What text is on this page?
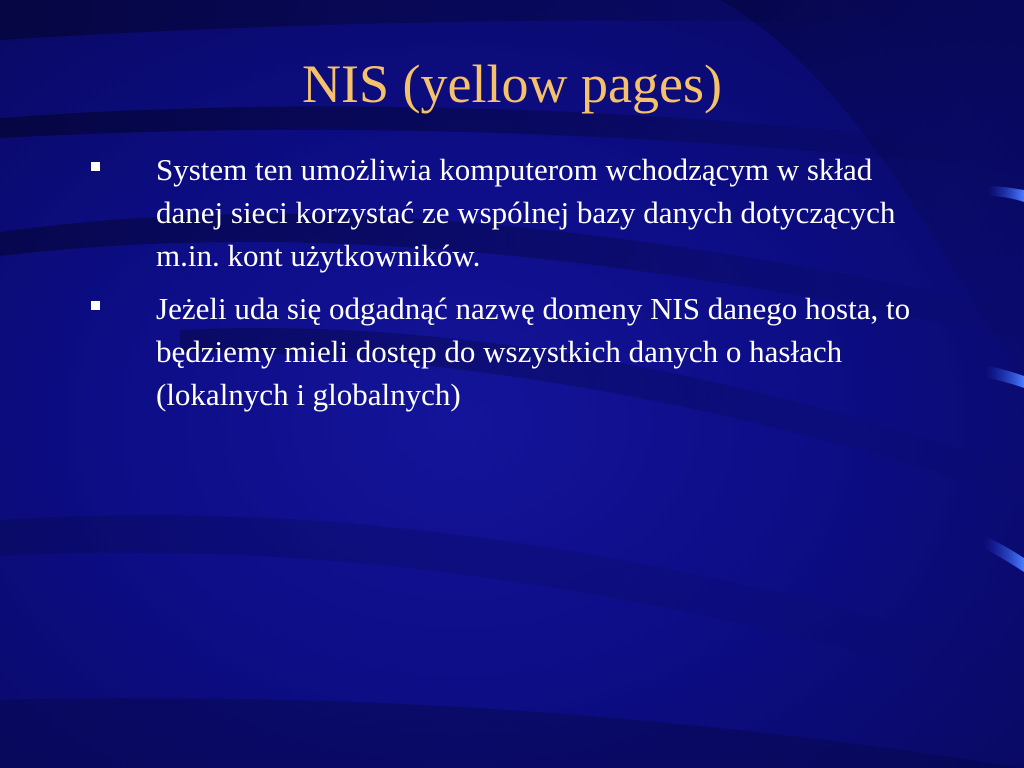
NIS (yellow pages)
System ten umożliwia komputerom wchodzącym w skład danej sieci korzystać ze wspólnej bazy danych dotyczących m.in. kont użytkowników.
Jeżeli uda się odgadnąć nazwę domeny NIS danego hosta, to będziemy mieli dostęp do wszystkich danych o hasłach (lokalnych i globalnych)
